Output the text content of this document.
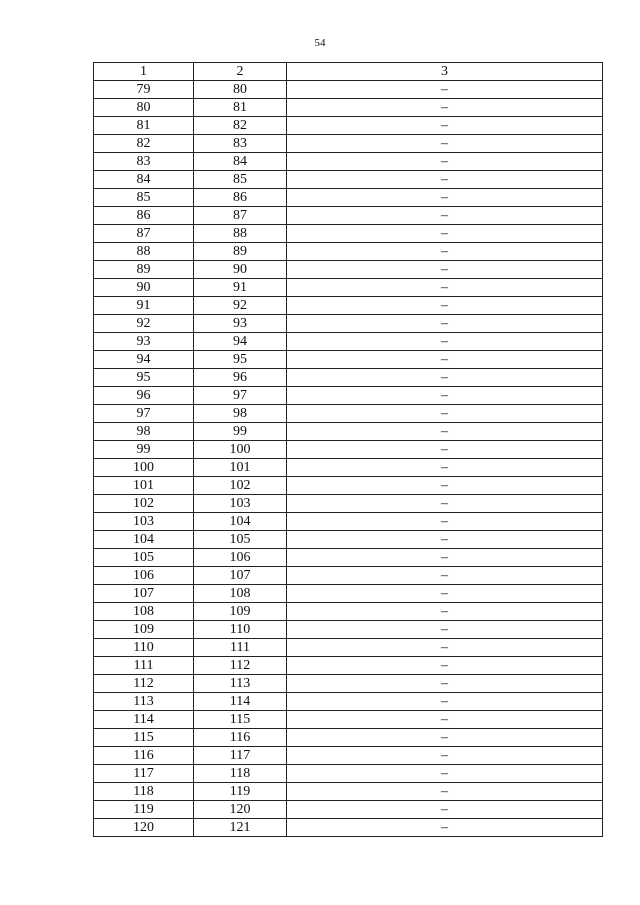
54
1	2	3
79	80	–
80	81	–
81	82	–
82	83	–
83	84	–
84	85	–
85	86	–
86	87	–
87	88	–
88	89	–
89	90	–
90	91	–
91	92	–
92	93	–
93	94	–
94	95	–
95	96	–
96	97	–
97	98	–
98	99	–
99	100	–
100	101	–
101	102	–
102	103	–
103	104	–
104	105	–
105	106	–
106	107	–
107	108	–
108	109	–
109	110	–
110	111	–
111	112	–
112	113	–
113	114	–
114	115	–
115	116	–
116	117	–
117	118	–
118	119	–
119	120	–
120	121	–
